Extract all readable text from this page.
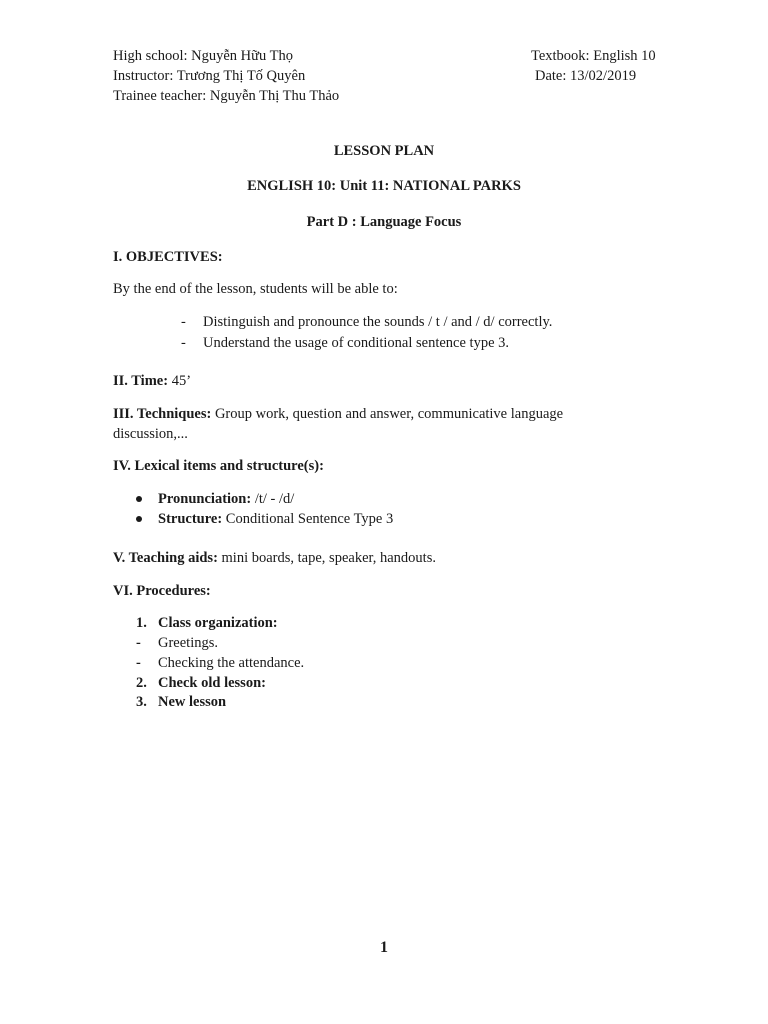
High school: Nguyễn Hữu Thọ
Instructor: Trương Thị Tố Quyên
Trainee teacher: Nguyễn Thị Thu Thảo
Textbook: English 10
Date: 13/02/2019
LESSON PLAN
ENGLISH 10: Unit 11: NATIONAL PARKS
Part D : Language Focus
I. OBJECTIVES:
By the end of the lesson, students will be able to:
- Distinguish and pronounce the sounds / t / and / d/ correctly.
- Understand the usage of conditional sentence type 3.
II. Time: 45’
III. Techniques: Group work, question and answer, communicative language
discussion,...
IV. Lexical items and structure(s):
Pronunciation: /t/ - /d/
Structure: Conditional Sentence Type 3
V. Teaching aids: mini boards, tape, speaker, handouts.
VI. Procedures:
1. Class organization:
- Greetings.
- Checking the attendance.
2. Check old lesson:
3. New lesson
1
